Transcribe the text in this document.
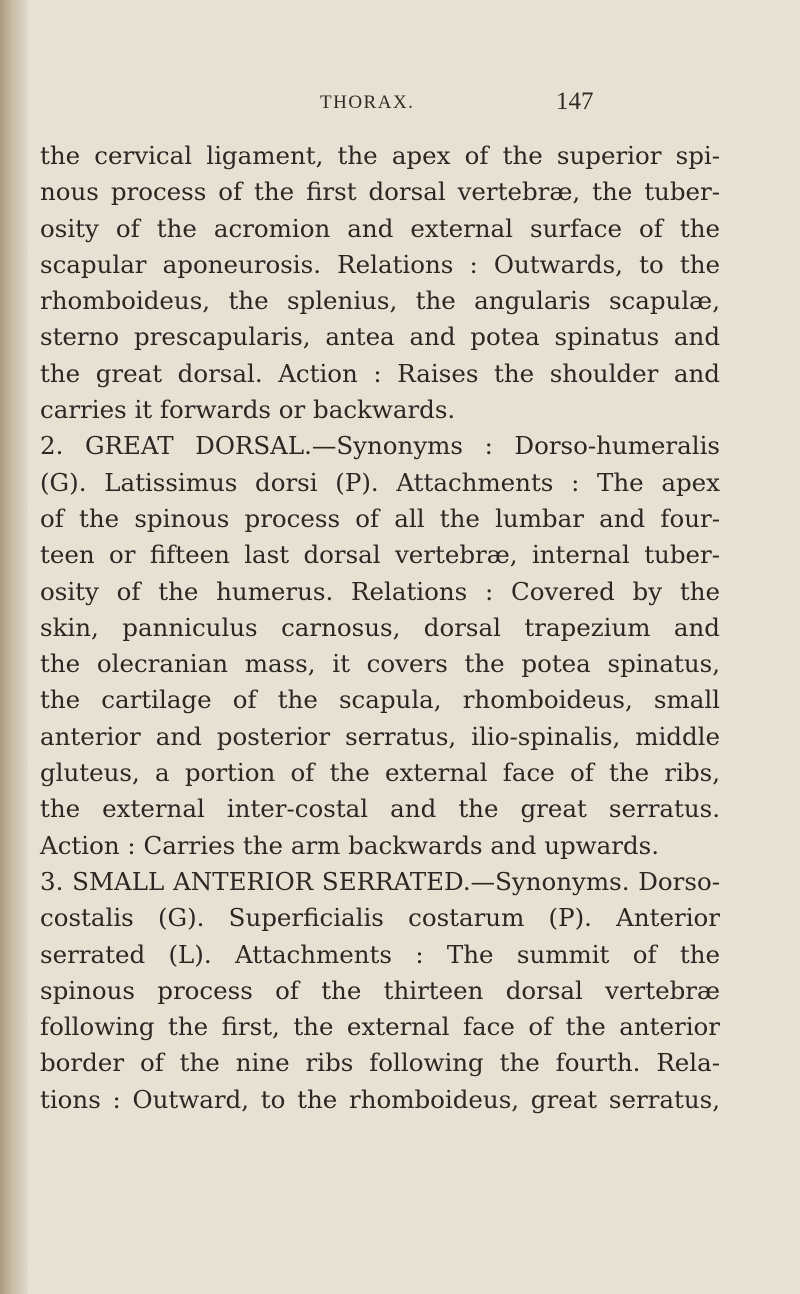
THORAX.	147
the cervical ligament, the apex of the superior spi-
nous process of the first dorsal vertebræ, the tuber-
osity of the acromion and external surface of the
scapular aponeurosis. Relations : Outwards, to the
rhomboideus, the splenius, the angularis scapulæ,
sterno prescapularis, antea and potea spinatus and
the great dorsal. Action : Raises the shoulder and
carries it forwards or backwards.
2. GREAT DORSAL.—Synonyms : Dorso-humeralis
(G). Latissimus dorsi (P). Attachments : The apex
of the spinous process of all the lumbar and four-
teen or fifteen last dorsal vertebræ, internal tuber-
osity of the humerus. Relations : Covered by the
skin, panniculus carnosus, dorsal trapezium and
the olecranian mass, it covers the potea spinatus,
the cartilage of the scapula, rhomboideus, small
anterior and posterior serratus, ilio-spinalis, middle
gluteus, a portion of the external face of the ribs,
the external inter-costal and the great serratus.
Action : Carries the arm backwards and upwards.
3. SMALL ANTERIOR SERRATED.—Synonyms. Dorso-
costalis (G). Superficialis costarum (P). Anterior
serrated (L). Attachments : The summit of the
spinous process of the thirteen dorsal vertebræ
following the first, the external face of the anterior
border of the nine ribs following the fourth. Rela-
tions : Outward, to the rhomboideus, great serratus,
